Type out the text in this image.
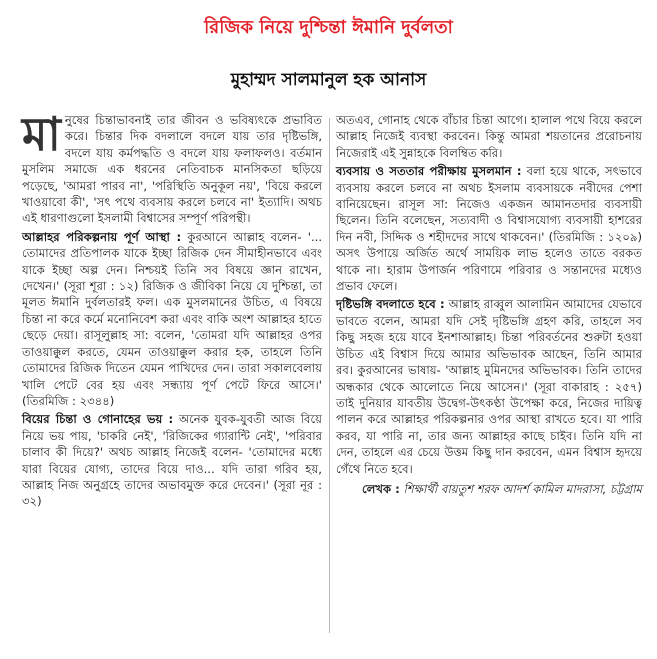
রিজিক নিয়ে দুশ্চিন্তা ঈমানি দুর্বলতা
মুহাম্মদ সালমানুল হক আনাস

মানুষের চিন্তাভাবনাই তার জীবন ও ভবিষ্যৎকে প্রভাবিত করে। চিন্তার দিক বদলালে বদলে যায় তার দৃষ্টিভঙ্গি, বদলে যায় কর্মপদ্ধতি ও বদলে যায় ফলাফলও। বর্তমান মুসলিম সমাজে এক ধরনের নেতিবাচক মানসিকতা ছড়িয়ে পড়েছে, 'আমরা পারব না', 'পরিস্থিতি অনুকূল নয়', 'বিয়ে করলে খাওয়াবো কী', 'সৎ পথে ব্যবসায় করলে চলবে না' ইত্যাদি। অথচ এই ধারণাগুলো ইসলামী বিশ্বাসের সম্পূর্ণ পরিপন্থী।

আল্লাহর পরিকল্পনায় পূর্ণ আস্থা : কুরআনে আল্লাহ বলেন- '... তোমাদের প্রতিপালক যাকে ইচ্ছা রিজিক দেন সীমাহীনভাবে এবং যাকে ইচ্ছা অল্প দেন। নিশ্চয়ই তিনি সব বিষয়ে জ্ঞান রাখেন, দেখেন।' (সূরা শূরা : ১২) রিজিক ও জীবিকা নিয়ে যে দুশ্চিন্তা, তা মূলত ঈমানি দুর্বলতারই ফল। এক মুসলমানের উচিত, এ বিষয়ে চিন্তা না করে কর্মে মনোনিবেশ করা এবং বাকি অংশ আল্লাহর হাতে ছেড়ে দেয়া। রাসূলুল্লাহ সা: বলেন, 'তোমরা যদি আল্লাহর ওপর তাওয়াক্কুল করতে, যেমন তাওয়াক্কুল করার হক, তাহলে তিনি তোমাদের রিজিক দিতেন যেমন পাখিদের দেন। তারা সকালবেলায় খালি পেটে বের হয় এবং সন্ধ্যায় পূর্ণ পেটে ফিরে আসে।' (তিরমিজি : ২৩৪৪)

বিয়ের চিন্তা ও গোনাহের ভয় : অনেক যুবক-যুবতী আজ বিয়ে নিয়ে ভয় পায়, 'চাকরি নেই', 'রিজিকের গ্যারান্টি নেই', 'পরিবার চালাব কী দিয়ে?' অথচ আল্লাহ নিজেই বলেন- 'তোমাদের মধ্যে যারা বিয়ের যোগ্য, তাদের বিয়ে দাও... যদি তারা গরিব হয়, আল্লাহ নিজ অনুগ্রহে তাদের অভাবমুক্ত করে দেবেন।' (সূরা নূর : ৩২)

অতএব, গোনাহ থেকে বাঁচার চিন্তা আগে। হালাল পথে বিয়ে করলে আল্লাহ নিজেই ব্যবস্থা করবেন। কিন্তু আমরা শয়তানের প্ররোচনায় নিজেরাই এই সুন্নাহকে বিলম্বিত করি।

ব্যবসায় ও সততার পরীক্ষায় মুসলমান : বলা হয়ে থাকে, সৎভাবে ব্যবসায় করলে চলবে না অথচ ইসলাম ব্যবসায়কে নবীদের পেশা বানিয়েছেন। রাসূল সা: নিজেও একজন আমানতদার ব্যবসায়ী ছিলেন। তিনি বলেছেন, সত্যবাদী ও বিশ্বাসযোগ্য ব্যবসায়ী হাশরের দিন নবী, সিদ্দিক ও শহীদদের সাথে থাকবেন।' (তিরমিজি : ১২০৯) অসৎ উপায়ে অর্জিত অর্থে সাময়িক লাভ হলেও তাতে বরকত থাকে না। হারাম উপার্জন পরিণামে পরিবার ও সন্তানদের মধ্যেও প্রভাব ফেলে।

দৃষ্টিভঙ্গি বদলাতে হবে : আল্লাহ রাব্বুল আলামিন আমাদের যেভাবে ভাবতে বলেন, আমরা যদি সেই দৃষ্টিভঙ্গি গ্রহণ করি, তাহলে সব কিছু সহজ হয়ে যাবে ইনশাআল্লাহ। চিন্তা পরিবর্তনের শুরুটা হওয়া উচিত এই বিশ্বাস দিয়ে আমার অভিভাবক আছেন, তিনি আমার রব। কুরআনের ভাষায়- 'আল্লাহ মুমিনদের অভিভাবক। তিনি তাদের অন্ধকার থেকে আলোতে নিয়ে আসেন।' (সূরা বাকারাহ : ২৫৭) তাই দুনিয়ার যাবতীয় উদ্বেগ-উৎকণ্ঠা উপেক্ষা করে, নিজের দায়িত্ব পালন করে আল্লাহর পরিকল্পনার ওপর আস্থা রাখতে হবে। যা পারি করব, যা পারি না, তার জন্য আল্লাহর কাছে চাইব। তিনি যদি না দেন, তাহলে এর চেয়ে উত্তম কিছু দান করবেন, এমন বিশ্বাস হৃদয়ে গেঁথে নিতে হবে।

লেখক : শিক্ষার্থী বায়তুশ শরফ আদর্শ কামিল মাদরাসা, চট্টগ্রাম
